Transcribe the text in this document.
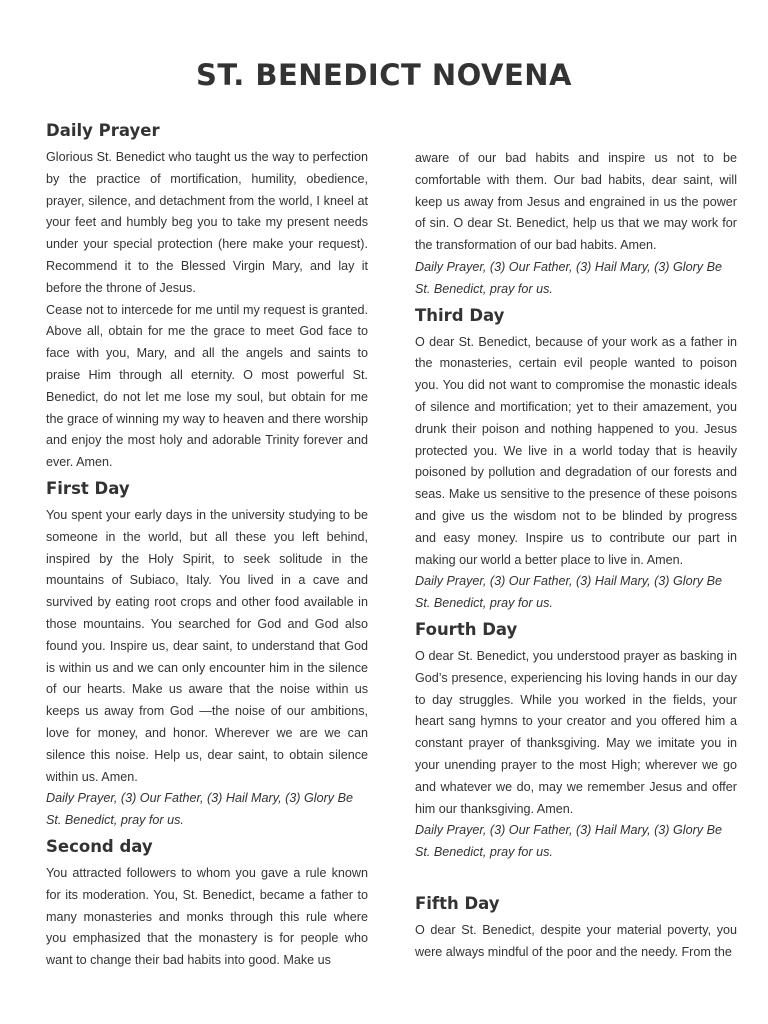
ST. BENEDICT NOVENA
Daily Prayer

Glorious St. Benedict who taught us the way to perfection by the practice of mortification, humility, obedience, prayer, silence, and detachment from the world, I kneel at your feet and humbly beg you to take my present needs under your special protection (here make your request). Recommend it to the Blessed Virgin Mary, and lay it before the throne of Jesus.

Cease not to intercede for me until my request is granted. Above all, obtain for me the grace to meet God face to face with you, Mary, and all the angels and saints to praise Him through all eternity. O most powerful St. Benedict, do not let me lose my soul, but obtain for me the grace of winning my way to heaven and there worship and enjoy the most holy and adorable Trinity forever and ever. Amen.

First Day

You spent your early days in the university studying to be someone in the world, but all these you left behind, inspired by the Holy Spirit, to seek solitude in the mountains of Subiaco, Italy. You lived in a cave and survived by eating root crops and other food available in those mountains. You searched for God and God also found you. Inspire us, dear saint, to understand that God is within us and we can only encounter him in the silence of our hearts. Make us aware that the noise within us keeps us away from God —the noise of our ambitions, love for money, and honor. Wherever we are we can silence this noise. Help us, dear saint, to obtain silence within us. Amen.

Daily Prayer, (3) Our Father, (3) Hail Mary, (3) Glory Be

St. Benedict, pray for us.

Second day

You attracted followers to whom you gave a rule known for its moderation. You, St. Benedict, became a father to many monasteries and monks through this rule where you emphasized that the monastery is for people who want to change their bad habits into good. Make us

aware of our bad habits and inspire us not to be comfortable with them. Our bad habits, dear saint, will keep us away from Jesus and engrained in us the power of sin. O dear St. Benedict, help us that we may work for the transformation of our bad habits. Amen.

Daily Prayer, (3) Our Father, (3) Hail Mary, (3) Glory Be

St. Benedict, pray for us.

Third Day

O dear St. Benedict, because of your work as a father in the monasteries, certain evil people wanted to poison you. You did not want to compromise the monastic ideals of silence and mortification; yet to their amazement, you drunk their poison and nothing happened to you. Jesus protected you. We live in a world today that is heavily poisoned by pollution and degradation of our forests and seas. Make us sensitive to the presence of these poisons and give us the wisdom not to be blinded by progress and easy money. Inspire us to contribute our part in making our world a better place to live in. Amen.

Daily Prayer, (3) Our Father, (3) Hail Mary, (3) Glory Be

St. Benedict, pray for us.

Fourth Day

O dear St. Benedict, you understood prayer as basking in God’s presence, experiencing his loving hands in our day to day struggles. While you worked in the fields, your heart sang hymns to your creator and you offered him a constant prayer of thanksgiving. May we imitate you in your unending prayer to the most High; wherever we go and whatever we do, may we remember Jesus and offer him our thanksgiving. Amen.

Daily Prayer, (3) Our Father, (3) Hail Mary, (3) Glory Be

St. Benedict, pray for us.

Fifth Day

O dear St. Benedict, despite your material poverty, you were always mindful of the poor and the needy. From the
